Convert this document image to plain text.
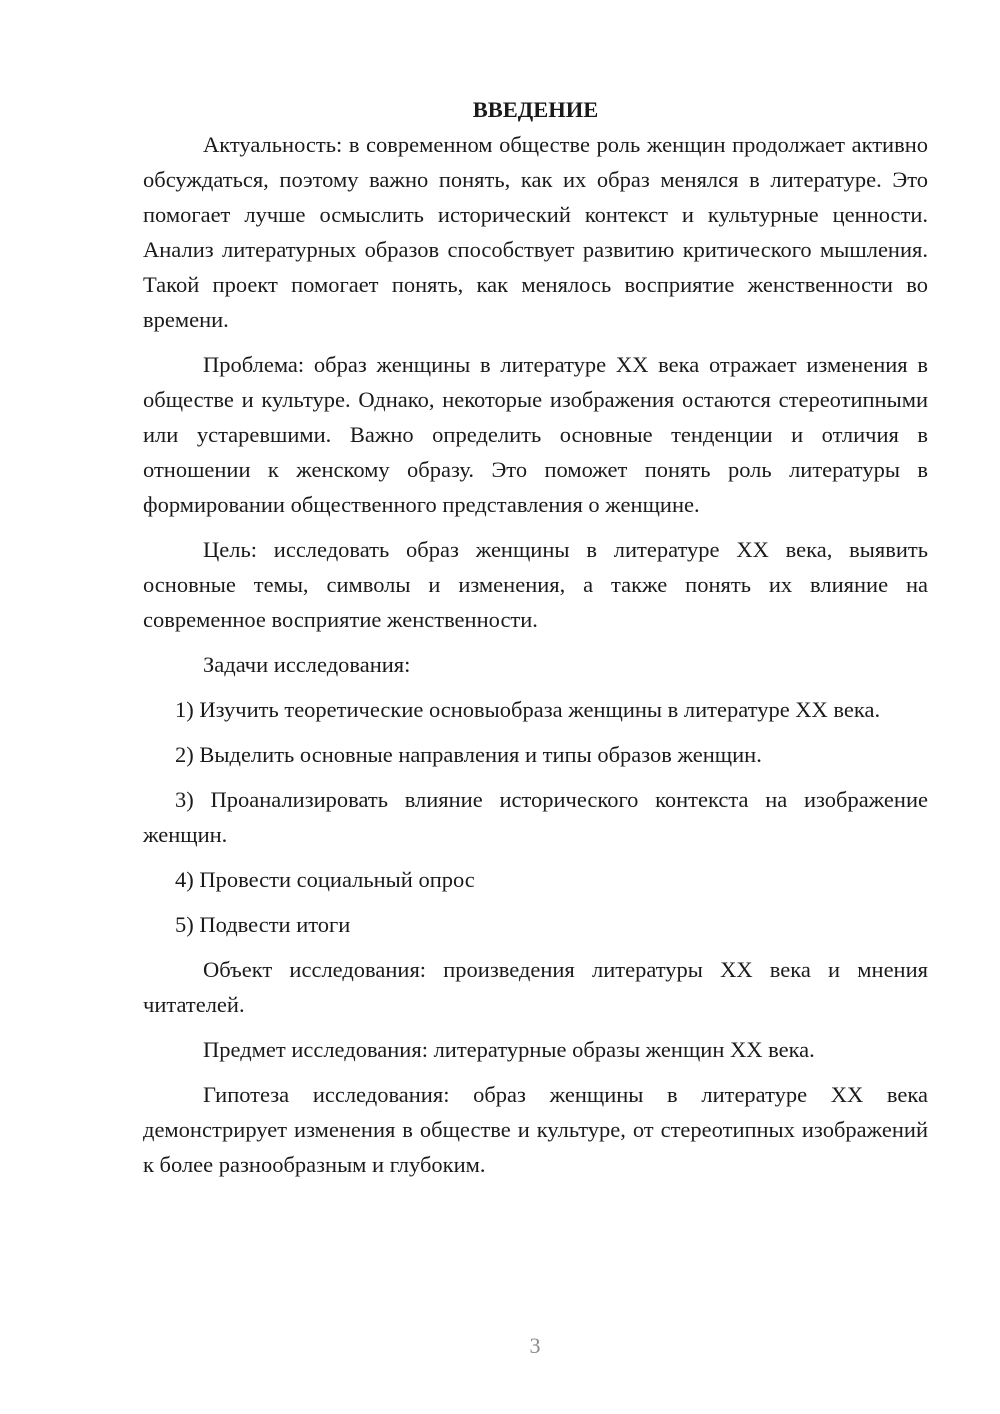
ВВЕДЕНИЕ

Актуальность: в современном обществе роль женщин продолжает активно обсуждаться, поэтому важно понять, как их образ менялся в литературе. Это помогает лучше осмыслить исторический контекст и культурные ценности. Анализ литературных образов способствует развитию критического мышления. Такой проект помогает понять, как менялось восприятие женственности во времени.

Проблема: образ женщины в литературе XX века отражает изменения в обществе и культуре. Однако, некоторые изображения остаются стереотипными или устаревшими. Важно определить основные тенденции и отличия в отношении к женскому образу. Это поможет понять роль литературы в формировании общественного представления о женщине.

Цель: исследовать образ женщины в литературе XX века, выявить основные темы, символы и изменения, а также понять их влияние на современное восприятие женственности.

Задачи исследования:

1) Изучить теоретические основыобраза женщины в литературе XX века.

2) Выделить основные направления и типы образов женщин.

3) Проанализировать влияние исторического контекста на изображение женщин.

4) Провести социальный опрос

5) Подвести итоги

Объект исследования: произведения литературы XX века и мнения читателей.

Предмет исследования: литературные образы женщин XX века.

Гипотеза исследования: образ женщины в литературе XX века демонстрирует изменения в обществе и культуре, от стереотипных изображений к более разнообразным и глубоким.

3
